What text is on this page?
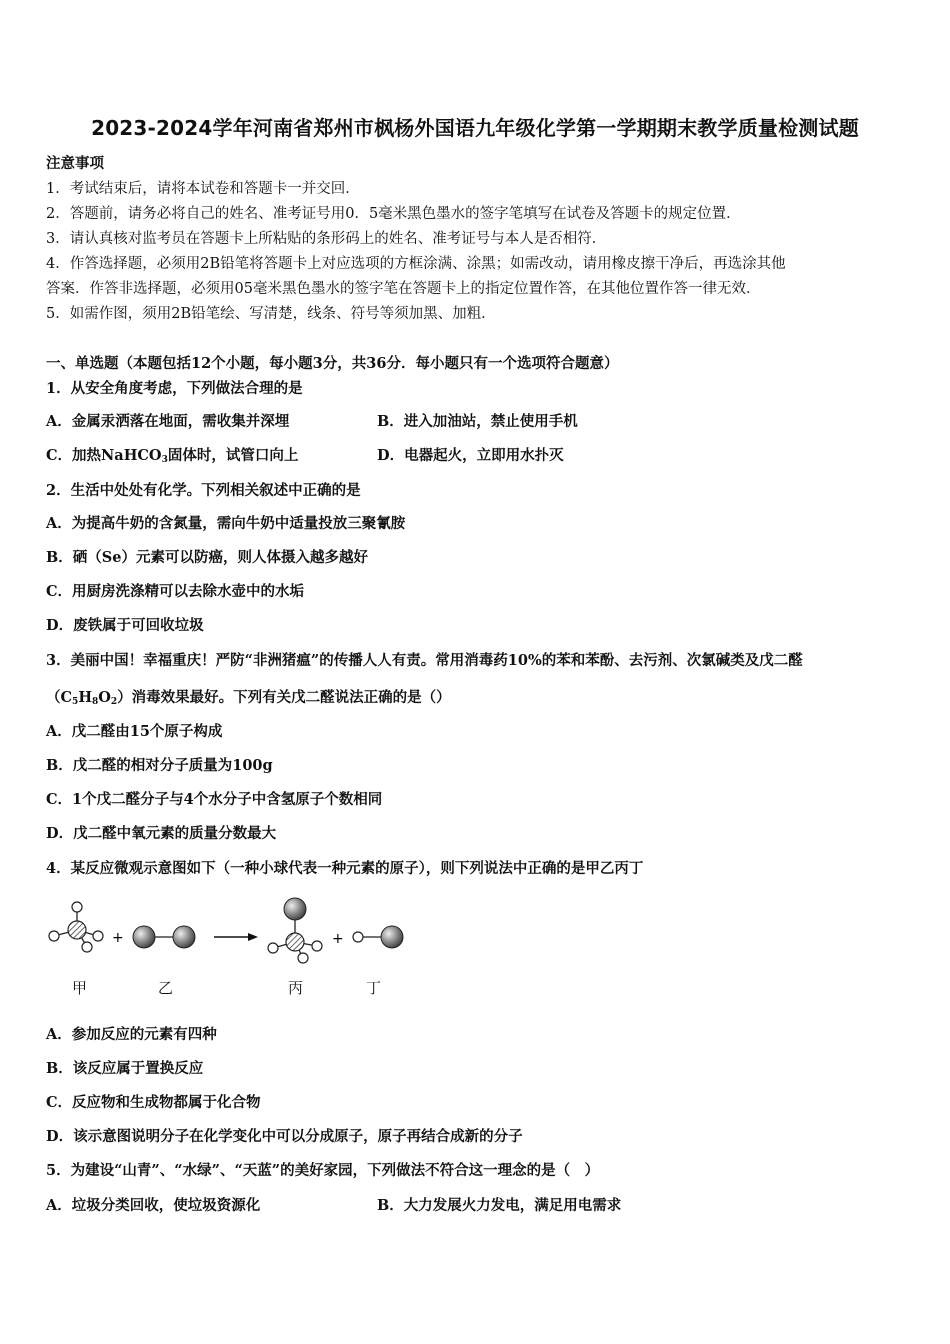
2023-2024学年河南省郑州市枫杨外国语九年级化学第一学期期末教学质量检测试题
注意事项
1．考试结束后，请将本试卷和答题卡一并交回．
2．答题前，请务必将自己的姓名、准考证号用0．5毫米黑色墨水的签字笔填写在试卷及答题卡的规定位置．
3．请认真核对监考员在答题卡上所粘贴的条形码上的姓名、准考证号与本人是否相符．
4．作答选择题，必须用2B铅笔将答题卡上对应选项的方框涂满、涂黑；如需改动，请用橡皮擦干净后，再选涂其他
答案．作答非选择题，必须用05毫米黑色墨水的签字笔在答题卡上的指定位置作答，在其他位置作答一律无效．
5．如需作图，须用2B铅笔绘、写清楚，线条、符号等须加黑、加粗．
一、单选题（本题包括12个小题，每小题3分，共36分．每小题只有一个选项符合题意）
1．从安全角度考虑，下列做法合理的是
A．金属汞洒落在地面，需收集并深埋	B．进入加油站，禁止使用手机
C．加热NaHCO$_3$固体时，试管口向上	D．电器起火，立即用水扑灭
2．生活中处处有化学。下列相关叙述中正确的是
A．为提高牛奶的含氮量，需向牛奶中适量投放三聚氰胺
B．硒（Se）元素可以防癌，则人体摄入越多越好
C．用厨房洗涤精可以去除水壶中的水垢
D．废铁属于可回收垃圾
3．美丽中国！幸福重庆！严防“非洲猪瘟”的传播人人有责。常用消毒药10%的苯和苯酚、去污剂、次氯碱类及戊二醛
$(C_5H_8O_2)$消毒效果最好。下列有关戊二醛说法正确的是（）
A．戊二醛由15个原子构成
B．戊二醛的相对分子质量为100g
C．1个戊二醛分子与4个水分子中含氢原子个数相同
D．戊二醛中氧元素的质量分数最大
4．某反应微观示意图如下（一种小球代表一种元素的原子），则下列说法中正确的是甲乙丙丁
+	+
甲	乙	丙	丁
A．参加反应的元素有四种
B．该反应属于置换反应
C．反应物和生成物都属于化合物
D．该示意图说明分子在化学变化中可以分成原子，原子再结合成新的分子
5．为建设“山青”、“水绿”、“天蓝”的美好家园，下列做法不符合这一理念的是（　）
A．垃圾分类回收，使垃圾资源化	B．大力发展火力发电，满足用电需求
